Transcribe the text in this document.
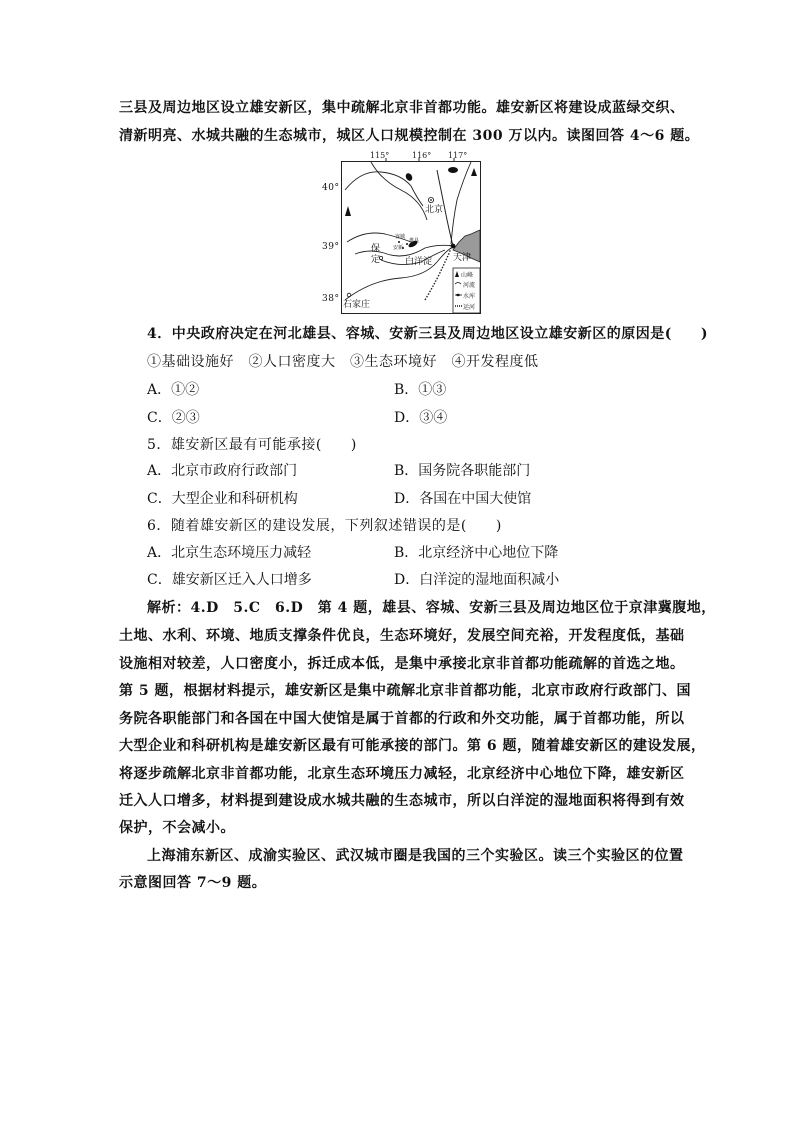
三县及周边地区设立雄安新区，集中疏解北京非首都功能。雄安新区将建设成蓝绿交织、
清新明亮、水城共融的生态城市，城区人口规模控制在 300 万以内。读图回答 4～6 题。
115°	116° 117°
北京
天津
保
定
容城
安新
雄县
白洋淀
石家庄
山峰
河流
水库
运河
40°
39°
38°
4．中央政府决定在河北雄县、容城、安新三县及周边地区设立雄安新区的原因是(　　)
①基础设施好　②人口密度大　③生态环境好　④开发程度低
A．①②	B．①③
C．②③	D．③④
5．雄安新区最有可能承接(　　)
A．北京市政府行政部门	B．国务院各职能部门
C．大型企业和科研机构	D．各国在中国大使馆
6．随着雄安新区的建设发展，下列叙述错误的是(　　)
A．北京生态环境压力减轻	B．北京经济中心地位下降
C．雄安新区迁入人口增多	D．白洋淀的湿地面积减小
解析：4.D　5.C　6.D　第 4 题，雄县、容城、安新三县及周边地区位于京津冀腹地，
土地、水利、环境、地质支撑条件优良，生态环境好，发展空间充裕，开发程度低，基础
设施相对较差，人口密度小，拆迁成本低，是集中承接北京非首都功能疏解的首选之地。
第 5 题，根据材料提示，雄安新区是集中疏解北京非首都功能，北京市政府行政部门、国
务院各职能部门和各国在中国大使馆是属于首都的行政和外交功能，属于首都功能，所以
大型企业和科研机构是雄安新区最有可能承接的部门。第 6 题，随着雄安新区的建设发展，
将逐步疏解北京非首都功能，北京生态环境压力减轻，北京经济中心地位下降，雄安新区
迁入人口增多，材料提到建设成水城共融的生态城市，所以白洋淀的湿地面积将得到有效
保护，不会减小。
上海浦东新区、成渝实验区、武汉城市圈是我国的三个实验区。读三个实验区的位置
示意图回答 7～9 题。
